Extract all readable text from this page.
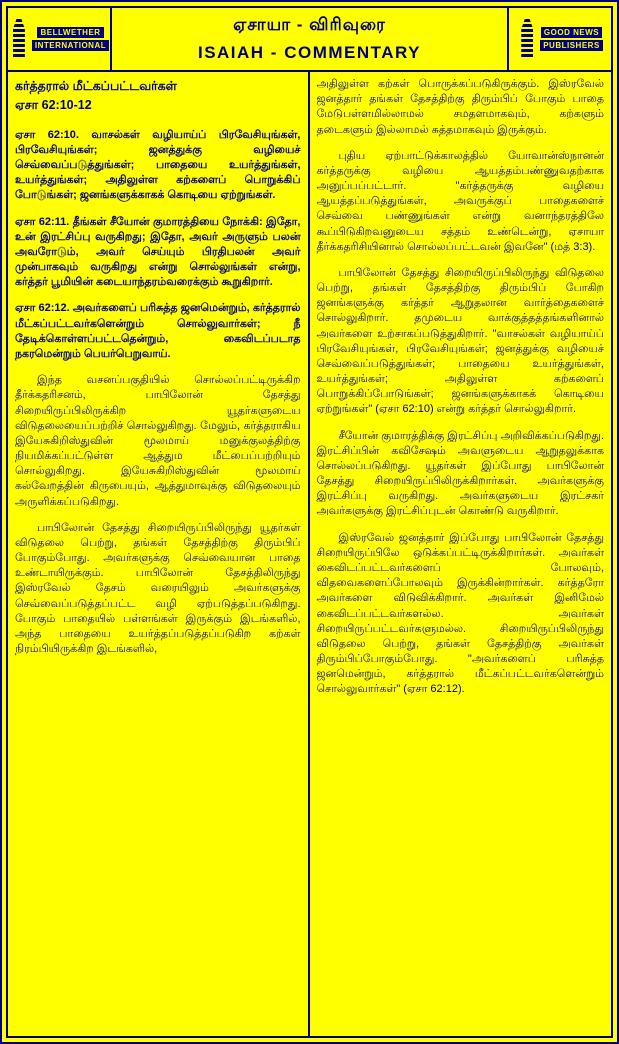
BELLWETHER
INTERNATIONAL
ஏசாயா - விரிவுரை
ISAIAH - COMMENTARY
GOOD NEWS
PUBLISHERS
கர்த்தரால் மீட்கப்பட்டவர்கள்
ஏசா 62:10-12

ஏசா 62:10. வாசல்கள் வழியாய்ப் பிரவேசியுங்கள், பிரவேசியுங்கள்; ஜனத்துக்கு வழியைச் செவ்வைப்படுத்துங்கள்; பாதையை உயர்த்துங்கள், உயர்த்துங்கள்; அதிலுள்ள கற்களைப் பொறுக்கிப் போடுங்கள்; ஜனங்களுக்காகக் கொடியை ஏற்றுங்கள்.

ஏசா 62:11. தீங்கள் சீயோன் குமாரத்தியை நோக்கி: இதோ, உன் இரட்சிப்பு வருகிறது; இதோ, அவர் அருளும் பலன் அவரோடும், அவர் செய்யும் பிரதிபலன் அவர் முன்பாகவும் வருகிறது என்று சொல்லுங்கள் என்று, கர்த்தர் பூமியின் கடையாந்தரம்வரைக்கும் கூறுகிறார்.

ஏசா 62:12. அவர்களைப் பரிசுத்த ஜனமென்றும், கர்த்தரால் மீட்கப்பட்டவர்களென்றும் சொல்லுவார்கள்; நீ தேடிக்கொள்ளப்பட்டதென்றும், கைவிடப்படாத நகரமென்றும் பெயர்பெறுவாய்.

இந்த வசனப்பகுதியில் சொல்லப்பட்டிருக்கிற தீர்க்கதரிசனம், பாபிலோன் தேசத்து சிறையிருப்பிலிருக்கிற யூதர்களுடைய விடுதலையைப்பற்றிச் சொல்லுகிறது. மேலும், கர்த்தராகிய இயேசுகிறிஸ்துவின் மூலமாய் மனுக்குலத்திற்கு நியமிக்கப்பட்டுள்ள ஆத்தும மீட்பைப்பற்றியும் சொல்லுகிறது. இயேசுகிறிஸ்துவின் மூலமாய் கல்வேறத்தின் கிருபையும், ஆத்துமாவுக்கு விடுதலையும் அருளிக்கப்படுகிறது.

பாபிலோன் தேசத்து சிறையிருப்பிலிருந்து யூதர்கள் விடுதலை பெற்று, தங்கள் தேசத்திற்கு திரும்பிப் போகும்போது. அவர்களுக்கு செவ்வையான பாதை உண்டாயிருக்கும். பாபிலோன் தேசத்திலிருந்து இஸ்ரவேல் தேசம் வரையிலும் அவர்களுக்கு செவ்வைப்படுத்தப்பட்ட வழி ஏற்படுத்தப்படுகிறது. போகும் பாதையில் பள்ளங்கள் இருக்கும் இடங்களில், அந்த பாதையை உயர்த்தப்படுத்தப்படுகிற கற்கள் நிரம்பியிருக்கிற இடங்களில்,

அதிலுள்ள கற்கள் பொருக்கப்படுகிருக்கும். இஸ்ரவேல் ஜனத்தார் தங்கள் தேசத்திற்கு திரும்பிப் போகும் பாதை மேடுபள்ளமில்லாமல் சமதளமாகவும், கற்களும் தடைகளும் இல்லாமல் சுத்தமாகவும் இருக்கும்.

புதிய ஏற்பாட்டுக்காலத்தில் யோவான்ஸ்நானன் கர்த்தருக்கு வழியை ஆயத்தம்பண்ணுவதற்காக அனுப்பப்பட்டார். "கர்த்தருக்கு வழியை ஆயத்தப்படுத்துங்கள், அவருக்குப் பாதைகளைச் செவ்வை பண்ணுங்கள் என்று வனாந்தரத்திலே கூப்பிடுகிறவனுடைய சத்தம் உண்டென்று, ஏசாயா தீர்க்கதரிசியினால் சொல்லப்பட்டவன் இவனே" (மத் 3:3).

பாபிலோன் தேசத்து சிறையிருப்பிலிருந்து விடுதலை பெற்று, தங்கள் தேசத்திற்கு திரும்பிப் போகிற ஜனங்களுக்கு கர்த்தர் ஆறுதலான வார்த்தைகளைச் சொல்லுகிறார். தமுடைய வாக்குத்தத்தங்களினால் அவர்களை உற்சாகப்படுத்துகிறார். "வாசல்கள் வழியாய்ப் பிரவேசியுங்கள், பிரவேசியுங்கள்; ஜனத்துக்கு வழியைச் செவ்வைப்படுத்துங்கள்; பாதையை உயர்த்துங்கள், உயர்த்துங்கள்; அதிலுள்ள கற்களைப் பொறுக்கிப்போடுங்கள்; ஜனங்களுக்காகக் கொடியை ஏற்றுங்கள்" (ஏசா 62:10) என்று கர்த்தர் சொல்லுகிறார்.

சீயோன் குமாரத்திக்கு இரட்சிப்பு அறிவிக்கப்படுகிறது. இரட்சிப்பின் கவிசேஷம் அவளுடைய ஆறுதலுக்காக சொல்லப்படுகிறது. யூதர்கள் இப்போது பாபிலோன் தேசத்து சிறையிருப்பிலிருக்கிறார்கள். அவர்களுக்கு இரட்சிப்பு வருகிறது. அவர்களுடைய இரட்சகர் அவர்களுக்கு இரட்சிப்புடன் கொண்டு வருகிறார்.

இஸ்ரவேல் ஜனத்தார் இப்போது பாபிலோன் தேசத்து சிறையிருப்பிலே ஒடுக்கப்பட்டிருக்கிறார்கள். அவர்கள் கைவிடப்பட்டவர்களைப் போலவும், விதவைகளைப்போலவும் இருக்கின்றார்கள். கர்த்தரோ அவர்களை விடுவிக்கிறார். அவர்கள் இனிமேல் கைவிடப்பட்டவர்களல்ல. அவர்கள் சிறையிருப்பட்டவர்களுமல்ல. சிறையிருப்பிலிருந்து விடுதலை பெற்று, தங்கள் தேசத்திற்கு அவர்கள் திரும்பிப்போகும்போது. "அவர்களைப் பரிசுத்த ஜனமென்றும், கர்த்தரால் மீட்கப்பட்டவர்களென்றும் சொல்லுவார்கள்" (ஏசா 62:12).
